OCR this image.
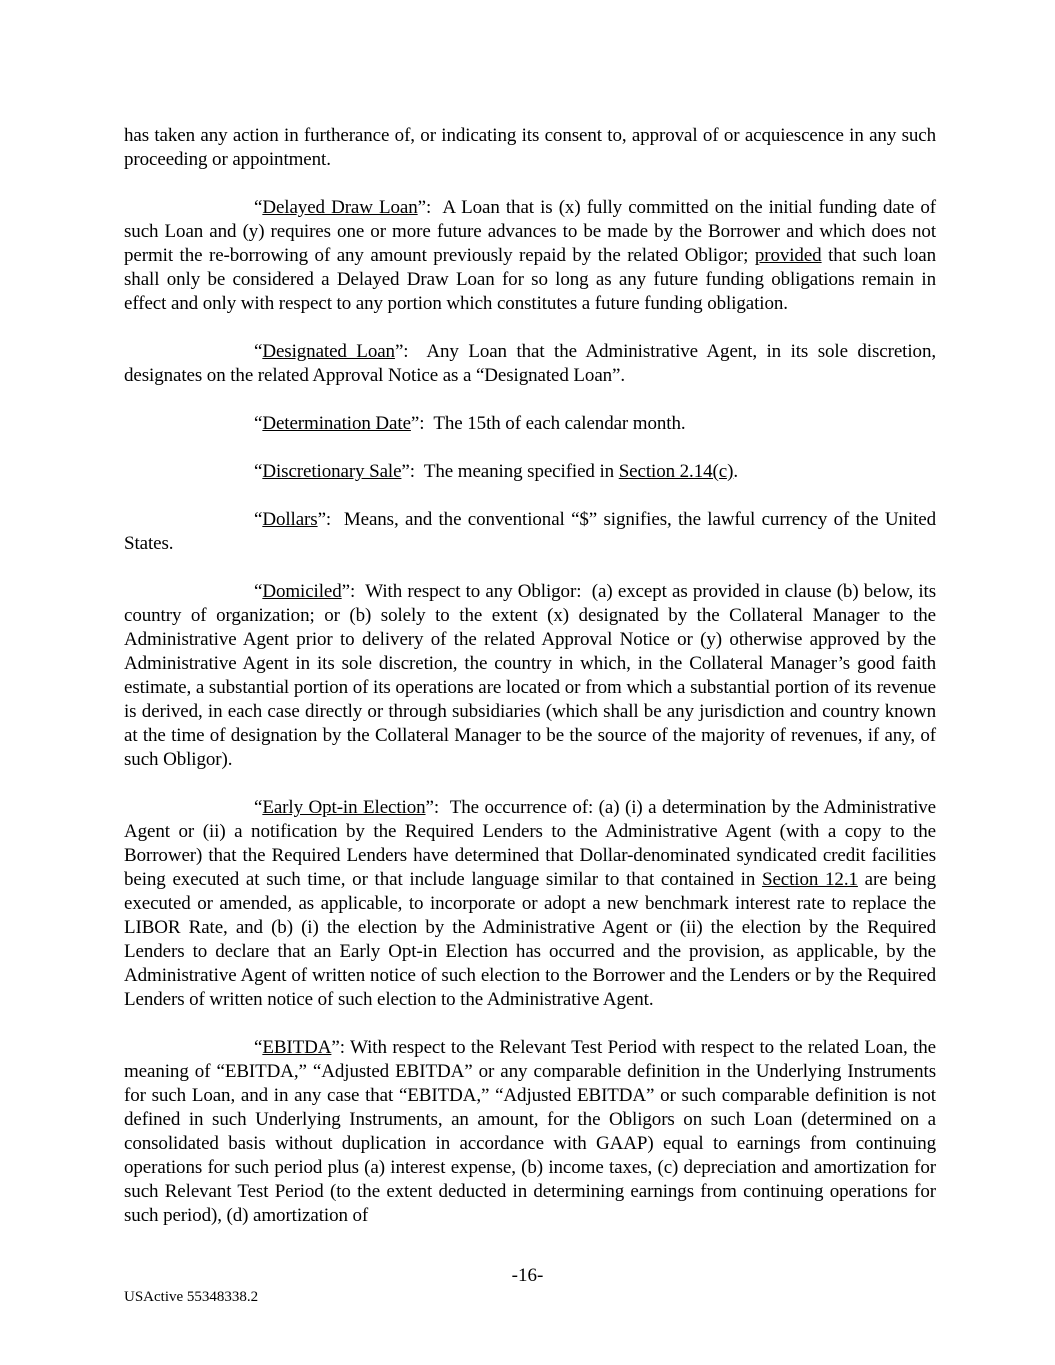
has taken any action in furtherance of, or indicating its consent to, approval of or acquiescence in any such proceeding or appointment.

“Delayed Draw Loan”:  A Loan that is (x) fully committed on the initial funding date of such Loan and (y) requires one or more future advances to be made by the Borrower and which does not permit the re-borrowing of any amount previously repaid by the related Obligor; provided that such loan shall only be considered a Delayed Draw Loan for so long as any future funding obligations remain in effect and only with respect to any portion which constitutes a future funding obligation.

“Designated Loan”:  Any Loan that the Administrative Agent, in its sole discretion, designates on the related Approval Notice as a “Designated Loan”.

“Determination Date”:  The 15th of each calendar month.

“Discretionary Sale”:  The meaning specified in Section 2.14(c).

“Dollars”:  Means, and the conventional “$” signifies, the lawful currency of the United States.

“Domiciled”:  With respect to any Obligor:  (a) except as provided in clause (b) below, its country of organization; or (b) solely to the extent (x) designated by the Collateral Manager to the Administrative Agent prior to delivery of the related Approval Notice or (y) otherwise approved by the Administrative Agent in its sole discretion, the country in which, in the Collateral Manager’s good faith estimate, a substantial portion of its operations are located or from which a substantial portion of its revenue is derived, in each case directly or through subsidiaries (which shall be any jurisdiction and country known at the time of designation by the Collateral Manager to be the source of the majority of revenues, if any, of such Obligor).

“Early Opt-in Election”:  The occurrence of: (a) (i) a determination by the Administrative Agent or (ii) a notification by the Required Lenders to the Administrative Agent (with a copy to the Borrower) that the Required Lenders have determined that Dollar-denominated syndicated credit facilities being executed at such time, or that include language similar to that contained in Section 12.1 are being executed or amended, as applicable, to incorporate or adopt a new benchmark interest rate to replace the LIBOR Rate, and (b) (i) the election by the Administrative Agent or (ii) the election by the Required Lenders to declare that an Early Opt-in Election has occurred and the provision, as applicable, by the Administrative Agent of written notice of such election to the Borrower and the Lenders or by the Required Lenders of written notice of such election to the Administrative Agent.

“EBITDA”: With respect to the Relevant Test Period with respect to the related Loan, the meaning of “EBITDA,” “Adjusted EBITDA” or any comparable definition in the Underlying Instruments for such Loan, and in any case that “EBITDA,” “Adjusted EBITDA” or such comparable definition is not defined in such Underlying Instruments, an amount, for the Obligors on such Loan (determined on a consolidated basis without duplication in accordance with GAAP) equal to earnings from continuing operations for such period plus (a) interest expense, (b) income taxes, (c) depreciation and amortization for such Relevant Test Period (to the extent deducted in determining earnings from continuing operations for such period), (d) amortization of

-16-
USActive 55348338.2
